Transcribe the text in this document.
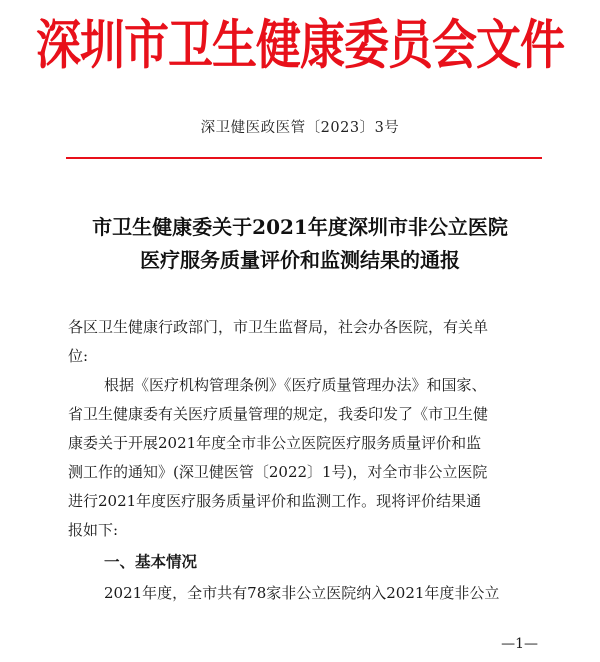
深圳市卫生健康委员会文件
深卫健医政医管〔2023〕3号
市卫生健康委关于2021年度深圳市非公立医院
医疗服务质量评价和监测结果的通报
各区卫生健康行政部门，市卫生监督局，社会办各医院，有关单
位:
根据《医疗机构管理条例》《医疗质量管理办法》和国家、
省卫生健康委有关医疗质量管理的规定，我委印发了《市卫生健
康委关于开展2021年度全市非公立医院医疗服务质量评价和监
测工作的通知》(深卫健医管〔2022〕1号)，对全市非公立医院
进行2021年度医疗服务质量评价和监测工作。现将评价结果通
报如下:
一、基本情况
2021年度，全市共有78家非公立医院纳入2021年度非公立
—1—
